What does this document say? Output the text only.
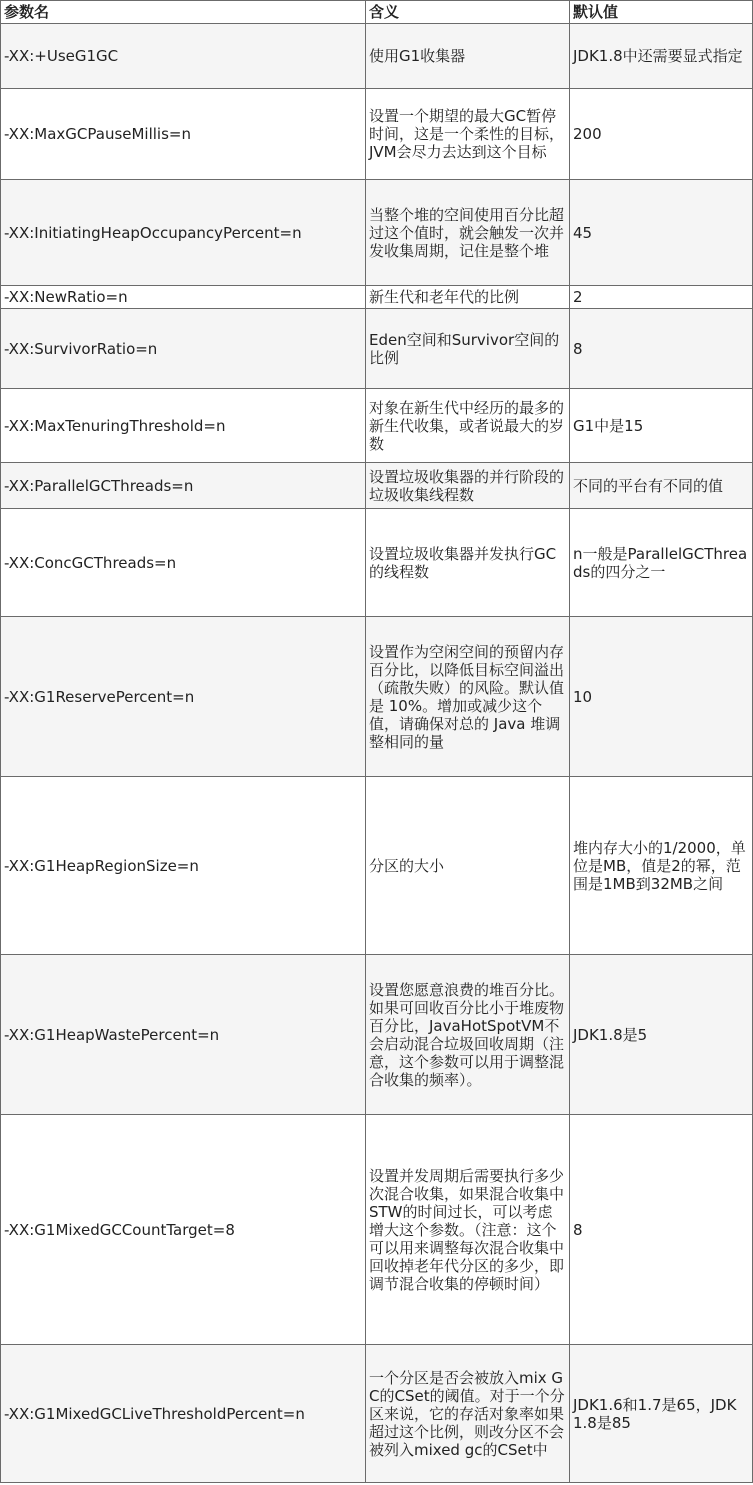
参数名	含义	默认值
-XX:+UseG1GC	使用G1收集器	JDK1.8中还需要显式指定
-XX:MaxGCPauseMillis=n	设置一个期望的最大GC暂停时间，这是一个柔性的目标，JVM会尽力去达到这个目标	200
-XX:InitiatingHeapOccupancyPercent=n	当整个堆的空间使用百分比超过这个值时，就会触发一次并发收集周期，记住是整个堆	45
-XX:NewRatio=n	新生代和老年代的比例	2
-XX:SurvivorRatio=n	Eden空间和Survivor空间的比例	8
-XX:MaxTenuringThreshold=n	对象在新生代中经历的最多的新生代收集，或者说最大的岁数	G1中是15
-XX:ParallelGCThreads=n	设置垃圾收集器的并行阶段的垃圾收集线程数	不同的平台有不同的值
-XX:ConcGCThreads=n	设置垃圾收集器并发执行GC的线程数	n一般是ParallelGCThreads的四分之一
-XX:G1ReservePercent=n	设置作为空闲空间的预留内存百分比，以降低目标空间溢出（疏散失败）的风险。默认值是 10%。增加或减少这个值，请确保对总的 Java 堆调整相同的量	10
-XX:G1HeapRegionSize=n	分区的大小	堆内存大小的1/2000，单位是MB，值是2的幂，范围是1MB到32MB之间
-XX:G1HeapWastePercent=n	设置您愿意浪费的堆百分比。如果可回收百分比小于堆废物百分比，JavaHotSpotVM不会启动混合垃圾回收周期（注意，这个参数可以用于调整混合收集的频率）。	JDK1.8是5
-XX:G1MixedGCCountTarget=8	设置并发周期后需要执行多少次混合收集，如果混合收集中STW的时间过长，可以考虑增大这个参数。（注意：这个可以用来调整每次混合收集中回收掉老年代分区的多少，即调节混合收集的停顿时间）	8
-XX:G1MixedGCLiveThresholdPercent=n	一个分区是否会被放入mix GC的CSet的阈值。对于一个分区来说，它的存活对象率如果超过这个比例，则改分区不会被列入mixed gc的CSet中	JDK1.6和1.7是65，JDK1.8是85
